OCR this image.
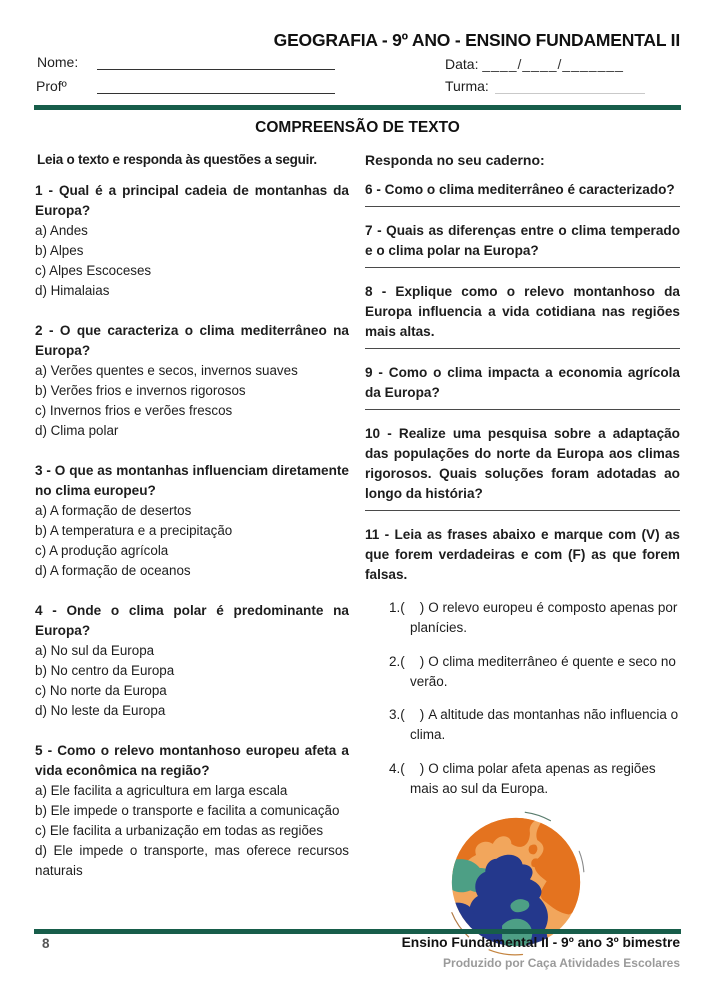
GEOGRAFIA - 9º ANO - ENSINO FUNDAMENTAL II

Nome:
Profº
Data: ____/____/_______
Turma:

COMPREENSÃO DE TEXTO

Leia o texto e responda às questões a seguir.

1 - Qual é a principal cadeia de montanhas da Europa?

a) Andes

b) Alpes

c) Alpes Escoceses

d) Himalaias

2 - O que caracteriza o clima mediterrâneo na Europa?

a) Verões quentes e secos, invernos suaves

b) Verões frios e invernos rigorosos

c) Invernos frios e verões frescos

d) Clima polar

3 - O que as montanhas influenciam diretamente no clima europeu?

a) A formação de desertos

b) A temperatura e a precipitação

c) A produção agrícola

d) A formação de oceanos

4 - Onde o clima polar é predominante na Europa?

a) No sul da Europa

b) No centro da Europa

c) No norte da Europa

d) No leste da Europa

5 - Como o relevo montanhoso europeu afeta a vida econômica na região?

a) Ele facilita a agricultura em larga escala

b) Ele impede o transporte e facilita a comunicação

c) Ele facilita a urbanização em todas as regiões

d) Ele impede o transporte, mas oferece recursos naturais

Responda no seu caderno:

6 - Como o clima mediterrâneo é caracterizado?

7 - Quais as diferenças entre o clima temperado e o clima polar na Europa?

8 - Explique como o relevo montanhoso da Europa influencia a vida cotidiana nas regiões mais altas.

9 - Como o clima impacta a economia agrícola da Europa?

10 - Realize uma pesquisa sobre a adaptação das populações do norte da Europa aos climas rigorosos. Quais soluções foram adotadas ao longo da história?

11 - Leia as frases abaixo e marque com (V) as que forem verdadeiras e com (F) as que forem falsas.

1.(    ) O relevo europeu é composto apenas por planícies.

2.(    ) O clima mediterrâneo é quente e seco no verão.

3.(    ) A altitude das montanhas não influencia o clima.

4.(    ) O clima polar afeta apenas as regiões mais ao sul da Europa.

8	Ensino Fundamental II - 9º ano 3º bimestre
Produzido por Caça Atividades Escolares
